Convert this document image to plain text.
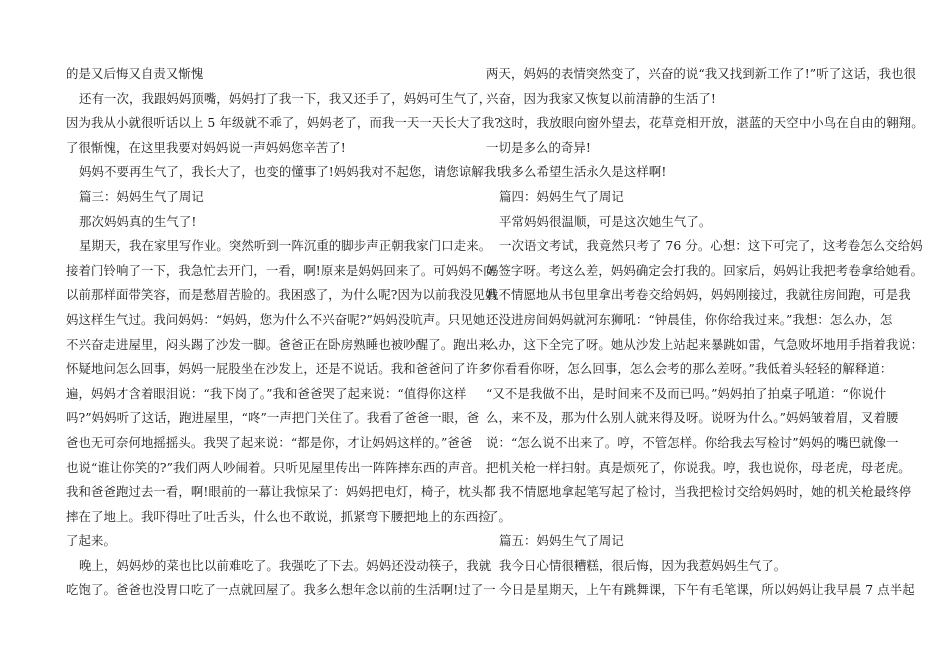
的是又后悔又自责又惭愧
还有一次，我跟妈妈顶嘴，妈妈打了我一下，我又还手了，妈妈可生气了，
因为我从小就很听话以上 5 年级就不乖了，妈妈老了，而我一天一天长大了我?
了很惭愧，在这里我要对妈妈说一声妈妈您辛苦了!
妈妈不要再生气了，我长大了，也变的懂事了!妈妈我对不起您，请您谅解我!
篇三：妈妈生气了周记
那次妈妈真的生气了!
星期天，我在家里写作业。突然听到一阵沉重的脚步声正朝我家门口走来。
接着门铃响了一下，我急忙去开门，一看，啊!原来是妈妈回来了。可妈妈不向
以前那样面带笑容，而是愁眉苦脸的。我困惑了，为什么呢?因为以前我没见妈
妈这样生气过。我问妈妈：“妈妈，您为什么不兴奋呢?”妈妈没吭声。只见她
不兴奋走进屋里，闷头踢了沙发一脚。爸爸正在卧房熟睡也被吵醒了。跑出来
怀疑地问怎么回事，妈妈一屁股坐在沙发上，还是不说话。我和爸爸问了许多
遍，妈妈才含着眼泪说：“我下岗了。”我和爸爸哭了起来说：“值得你这样
吗?”妈妈听了这话，跑进屋里，“咚”一声把门关住了。我看了爸爸一眼，爸
爸也无可奈何地摇摇头。我哭了起来说：“都是你，才让妈妈这样的。”爸爸
也说“谁让你笑的?”我们两人吵闹着。只听见屋里传出一阵阵摔东西的声音。
我和爸爸跑过去一看，啊!眼前的一幕让我惊呆了：妈妈把电灯，椅子，枕头都
摔在了地上。我吓得吐了吐舌头，什么也不敢说，抓紧弯下腰把地上的东西捡
了起来。
晚上，妈妈炒的菜也比以前难吃了。我强吃了下去。妈妈还没动筷子，我就
吃饱了。爸爸也没胃口吃了一点就回屋了。我多么想年念以前的生活啊!过了一
两天，妈妈的表情突然变了，兴奋的说“我又找到新工作了!”听了这话，我也很
兴奋，因为我家又恢复以前清静的生活了!
这时，我放眼向窗外望去，花草竞相开放，湛蓝的天空中小鸟在自由的翱翔。
一切是多么的奇异!
我多么希望生活永久是这样啊!
篇四：妈妈生气了周记
平常妈妈很温顺，可是这次她生气了。
一次语文考试，我竟然只考了 76 分。心想：这下可完了，这考卷怎么交给妈
妈签字呀。考这么差，妈妈确定会打我的。回家后，妈妈让我把考卷拿给她看。
我不情愿地从书包里拿出考卷交给妈妈，妈妈刚接过，我就往房间跑，可是我
还没进房间妈妈就河东狮吼：“钟晨佳，你你给我过来。”我想：怎么办，怎
么办，这下全完了呀。她从沙发上站起来暴跳如雷，气急败坏地用手指着我说：
“你看看你呀，怎么回事，怎么会考的那么差呀。”我低着头轻轻的解释道：
“又不是我做不出，是时间来不及而已吗。”妈妈拍了拍桌子吼道：“你说什
么，来不及，那为什么别人就来得及呀。说呀为什么。”妈妈皱着眉，叉着腰
说：“怎么说不出来了。哼，不管怎样。你给我去写检讨”妈妈的嘴巴就像一
把机关枪一样扫射。真是烦死了，你说我。哼，我也说你，母老虎，母老虎。
我不情愿地拿起笔写起了检讨，当我把检讨交给妈妈时，她的机关枪最终停
了。
篇五：妈妈生气了周记
我今日心情很糟糕，很后悔，因为我惹妈妈生气了。
今日是星期天，上午有跳舞课，下午有毛笔课，所以妈妈让我早晨 7 点半起
